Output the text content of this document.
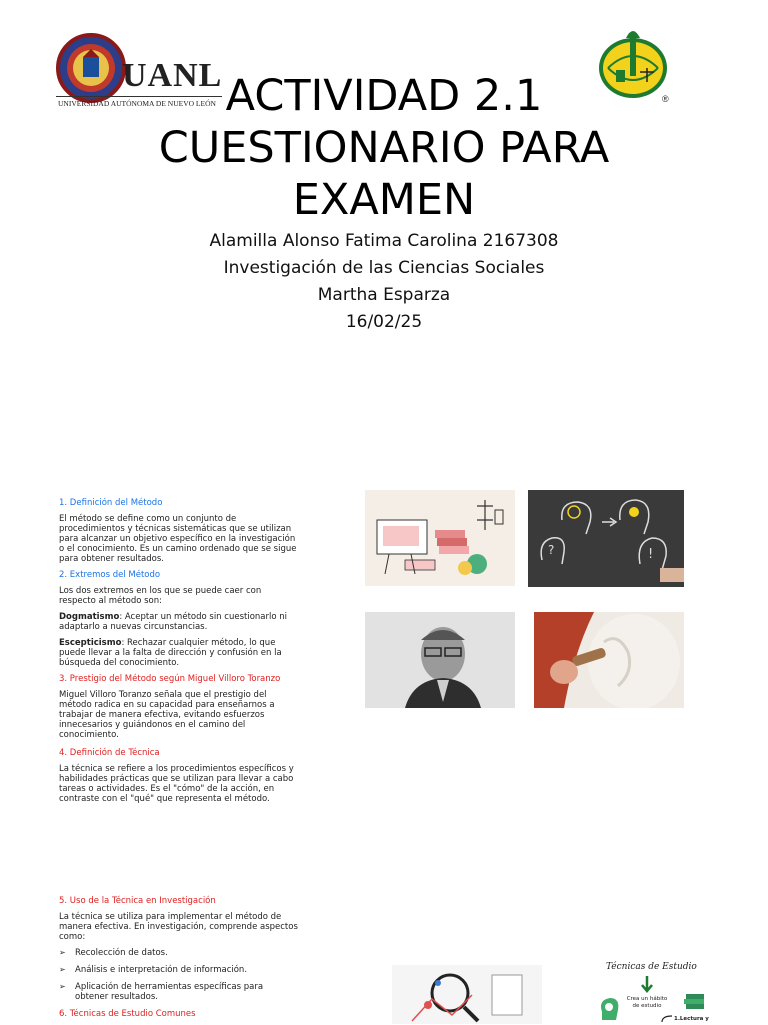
UANL
UNIVERSIDAD AUTÓNOMA DE NUEVO LEÓN	®
ACTIVIDAD 2.1
CUESTIONARIO PARA
EXAMEN
Alamilla Alonso Fatima Carolina 2167308
Investigación de las Ciencias Sociales
Martha Esparza
16/02/25

1. Definición del Método

El método se define como un conjunto de procedimientos y técnicas sistemáticas que se utilizan para alcanzar un objetivo específico en la investigación o el conocimiento. Es un camino ordenado que se sigue para obtener resultados.

2. Extremos del Método

Los dos extremos en los que se puede caer con respecto al método son:

Dogmatismo: Aceptar un método sin cuestionarlo ni adaptarlo a nuevas circunstancias.

Escepticismo: Rechazar cualquier método, lo que puede llevar a la falta de dirección y confusión en la búsqueda del conocimiento.

3. Prestigio del Método según Miguel Villoro Toranzo

Miguel Villoro Toranzo señala que el prestigio del método radica en su capacidad para enseñarnos a trabajar de manera efectiva, evitando esfuerzos innecesarios y guiándonos en el camino del conocimiento.

4. Definición de Técnica

La técnica se refiere a los procedimientos específicos y habilidades prácticas que se utilizan para llevar a cabo tareas o actividades. Es el "cómo" de la acción, en contraste con el "qué" que representa el método.

5. Uso de la Técnica en Investigación

La técnica se utiliza para implementar el método de manera efectiva. En investigación, comprende aspectos como:

➢ Recolección de datos.
➢ Análisis e interpretación de información.
➢ Aplicación de herramientas específicas para obtener resultados.

6. Técnicas de Estudio Comunes

?	!
Técnicas de Estudio
Crea un hábito de estudio
1.Lectura y
